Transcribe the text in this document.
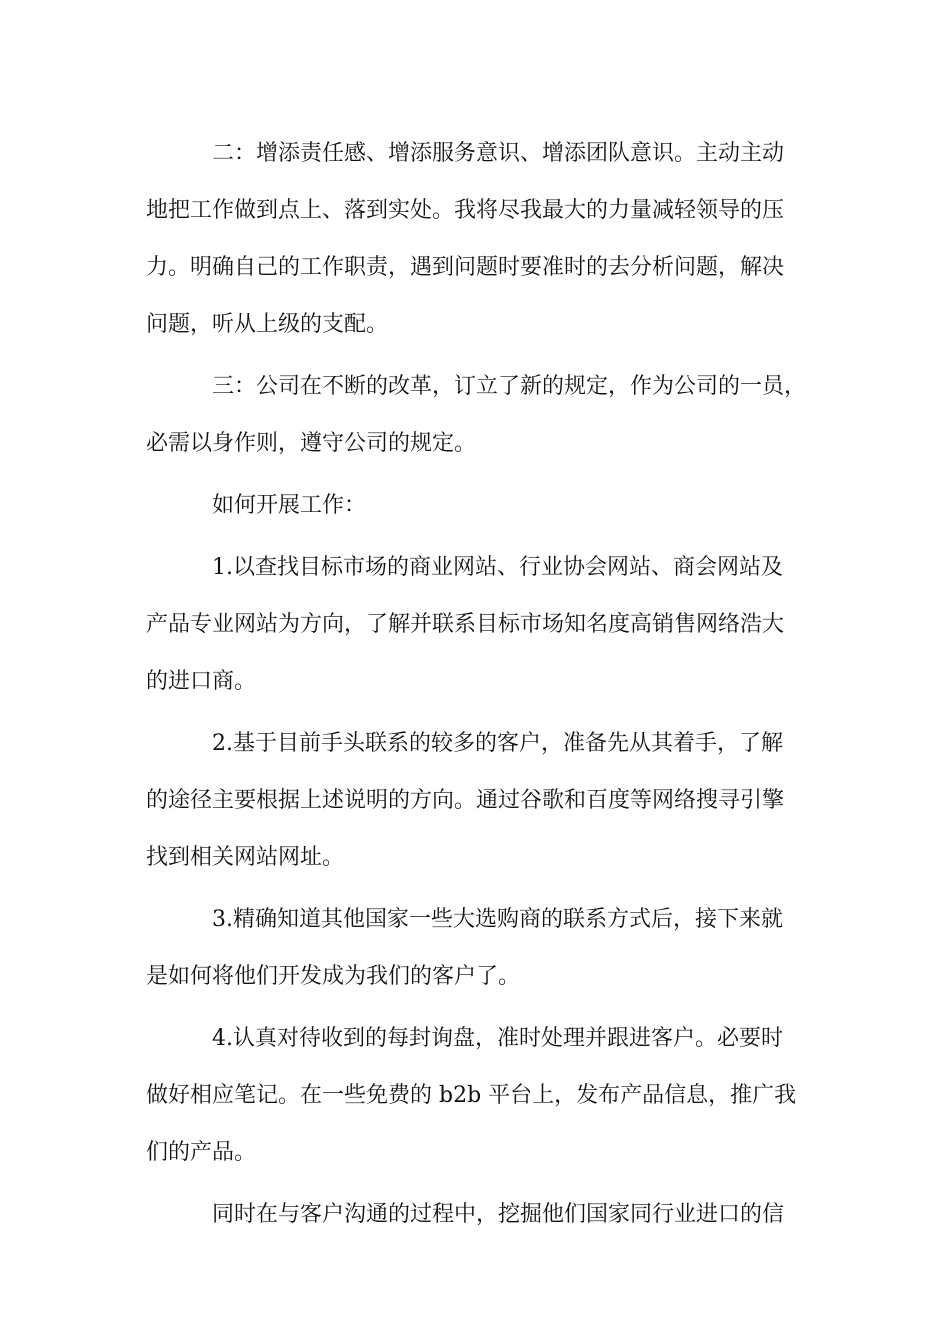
二：增添责任感、增添服务意识、增添团队意识。主动主动
地把工作做到点上、落到实处。我将尽我最大的力量减轻领导的压
力。明确自己的工作职责，遇到问题时要准时的去分析问题，解决
问题，听从上级的支配。
三：公司在不断的改革，订立了新的规定，作为公司的一员，
必需以身作则，遵守公司的规定。
如何开展工作：
1.以查找目标市场的商业网站、行业协会网站、商会网站及
产品专业网站为方向，了解并联系目标市场知名度高销售网络浩大
的进口商。
2.基于目前手头联系的较多的客户，准备先从其着手，了解
的途径主要根据上述说明的方向。通过谷歌和百度等网络搜寻引擎
找到相关网站网址。
3.精确知道其他国家一些大选购商的联系方式后，接下来就
是如何将他们开发成为我们的客户了。
4.认真对待收到的每封询盘，准时处理并跟进客户。必要时
做好相应笔记。在一些免费的 b2b 平台上，发布产品信息，推广我
们的产品。
同时在与客户沟通的过程中，挖掘他们国家同行业进口的信
